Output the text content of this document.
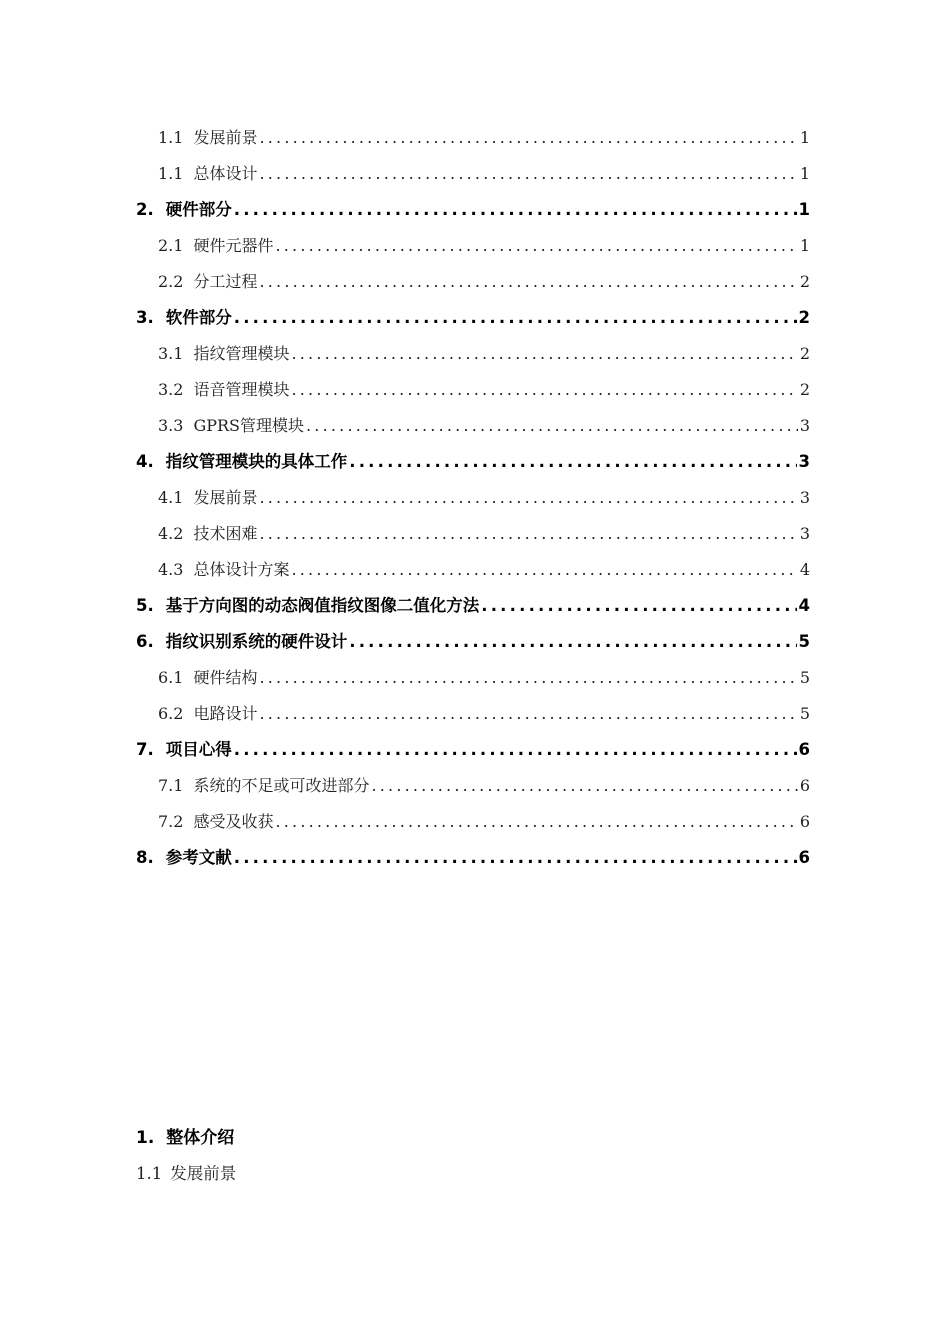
1.1 发展前景 .....	1
1.1 总体设计 .....	1
2. 硬件部分 .....	1
2.1 硬件元器件 .....	1
2.2 分工过程 .....	2
3. 软件部分 .....	2
3.1 指纹管理模块 .....	2
3.2 语音管理模块 .....	2
3.3 GPRS管理模块 .....	3
4. 指纹管理模块的具体工作 .....	3
4.1 发展前景 .....	3
4.2 技术困难 .....	3
4.3 总体设计方案 .....	4
5. 基于方向图的动态阀值指纹图像二值化方法 .....	4
6. 指纹识别系统的硬件设计 .....	5
6.1 硬件结构 .....	5
6.2 电路设计 .....	5
7. 项目心得 .....	6
7.1 系统的不足或可改进部分 .....	6
7.2 感受及收获 .....	6
8. 参考文献 .....	6
1. 整体介绍
1.1 发展前景
